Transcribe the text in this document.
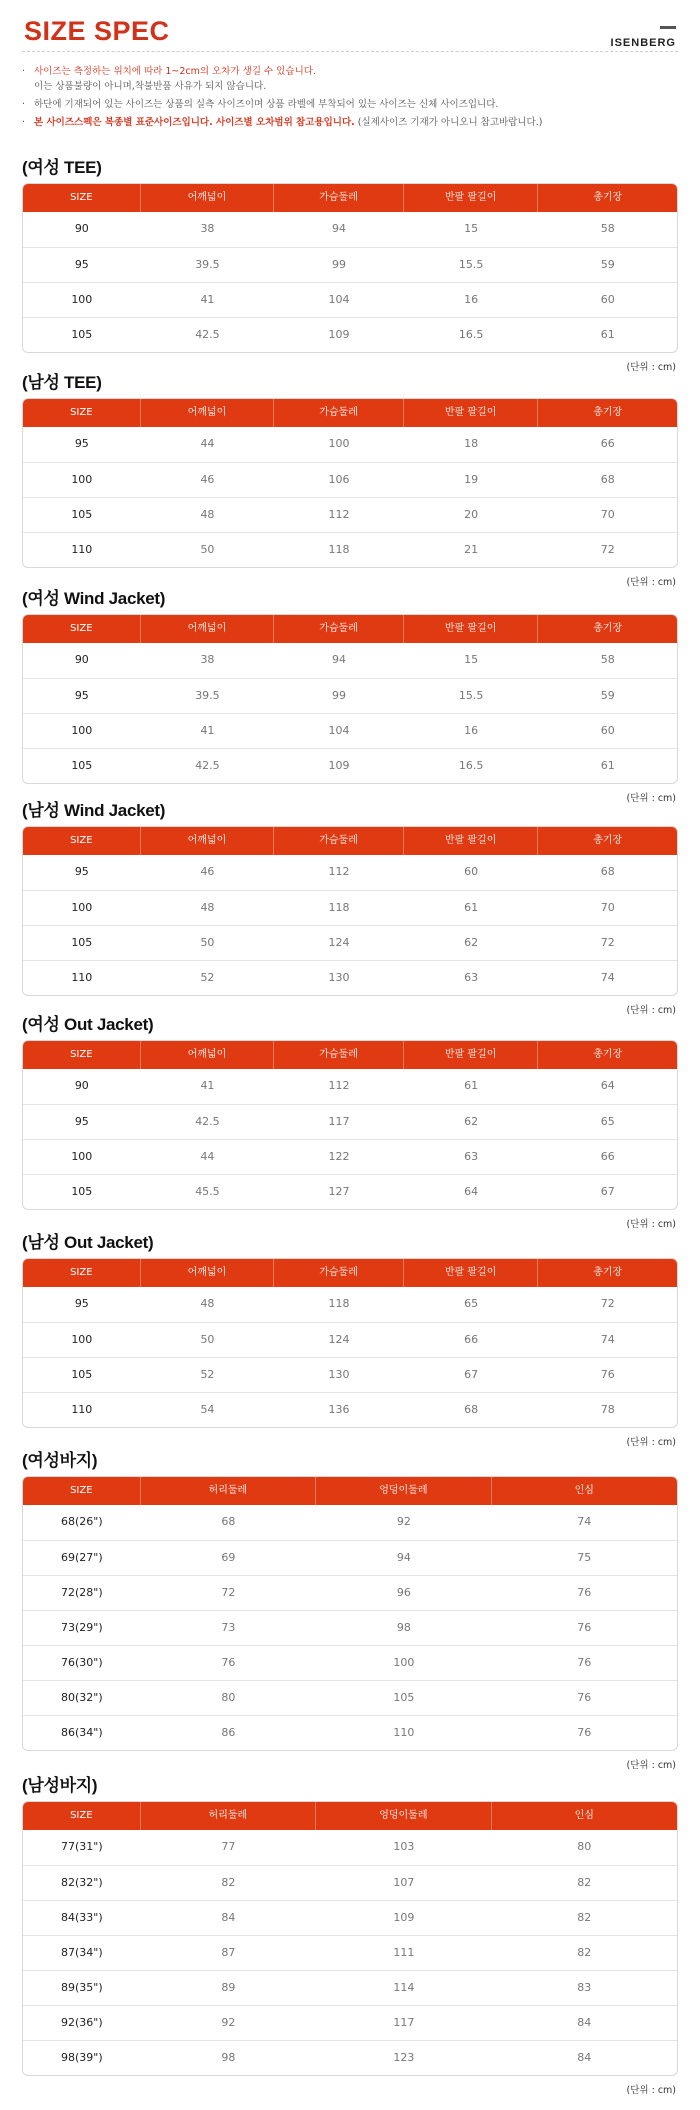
SIZE SPEC	ISENBERG
· 사이즈는 측정하는 위치에 따라 1~2cm의 오차가 생길 수 있습니다.
이는 상품불량이 아니며,착불반품 사유가 되지 않습니다.
· 하단에 기재되어 있는 사이즈는 상품의 실측 사이즈이며 상품 라벨에 부착되어 있는 사이즈는 신체 사이즈입니다.
· 본 사이즈스펙은 복종별 표준사이즈입니다. 사이즈별 오차범위 참고용입니다. (실제사이즈 기재가 아니오니 참고바랍니다.)
(여성 TEE)
SIZE	어깨넓이	가슴둘레	반팔 팔길이	총기장
90	38	94	15	58
95	39.5	99	15.5	59
100	41	104	16	60
105	42.5	109	16.5	61
(단위 : cm)
(남성 TEE)
SIZE	어깨넓이	가슴둘레	반팔 팔길이	총기장
95	44	100	18	66
100	46	106	19	68
105	48	112	20	70
110	50	118	21	72
(단위 : cm)
(여성 Wind Jacket)
SIZE	어깨넓이	가슴둘레	반팔 팔길이	총기장
90	38	94	15	58
95	39.5	99	15.5	59
100	41	104	16	60
105	42.5	109	16.5	61
(단위 : cm)
(남성 Wind Jacket)
SIZE	어깨넓이	가슴둘레	반팔 팔길이	총기장
95	46	112	60	68
100	48	118	61	70
105	50	124	62	72
110	52	130	63	74
(단위 : cm)
(여성 Out Jacket)
SIZE	어깨넓이	가슴둘레	반팔 팔길이	총기장
90	41	112	61	64
95	42.5	117	62	65
100	44	122	63	66
105	45.5	127	64	67
(단위 : cm)
(남성 Out Jacket)
SIZE	어깨넓이	가슴둘레	반팔 팔길이	총기장
95	48	118	65	72
100	50	124	66	74
105	52	130	67	76
110	54	136	68	78
(단위 : cm)
(여성바지)
SIZE	허리둘레	엉덩이둘레	인심
68(26")	68	92	74
69(27")	69	94	75
72(28")	72	96	76
73(29")	73	98	76
76(30")	76	100	76
80(32")	80	105	76
86(34")	86	110	76
(단위 : cm)
(남성바지)
SIZE	허리둘레	엉덩이둘레	인심
77(31")	77	103	80
82(32")	82	107	82
84(33")	84	109	82
87(34")	87	111	82
89(35")	89	114	83
92(36")	92	117	84
98(39")	98	123	84
(단위 : cm)
